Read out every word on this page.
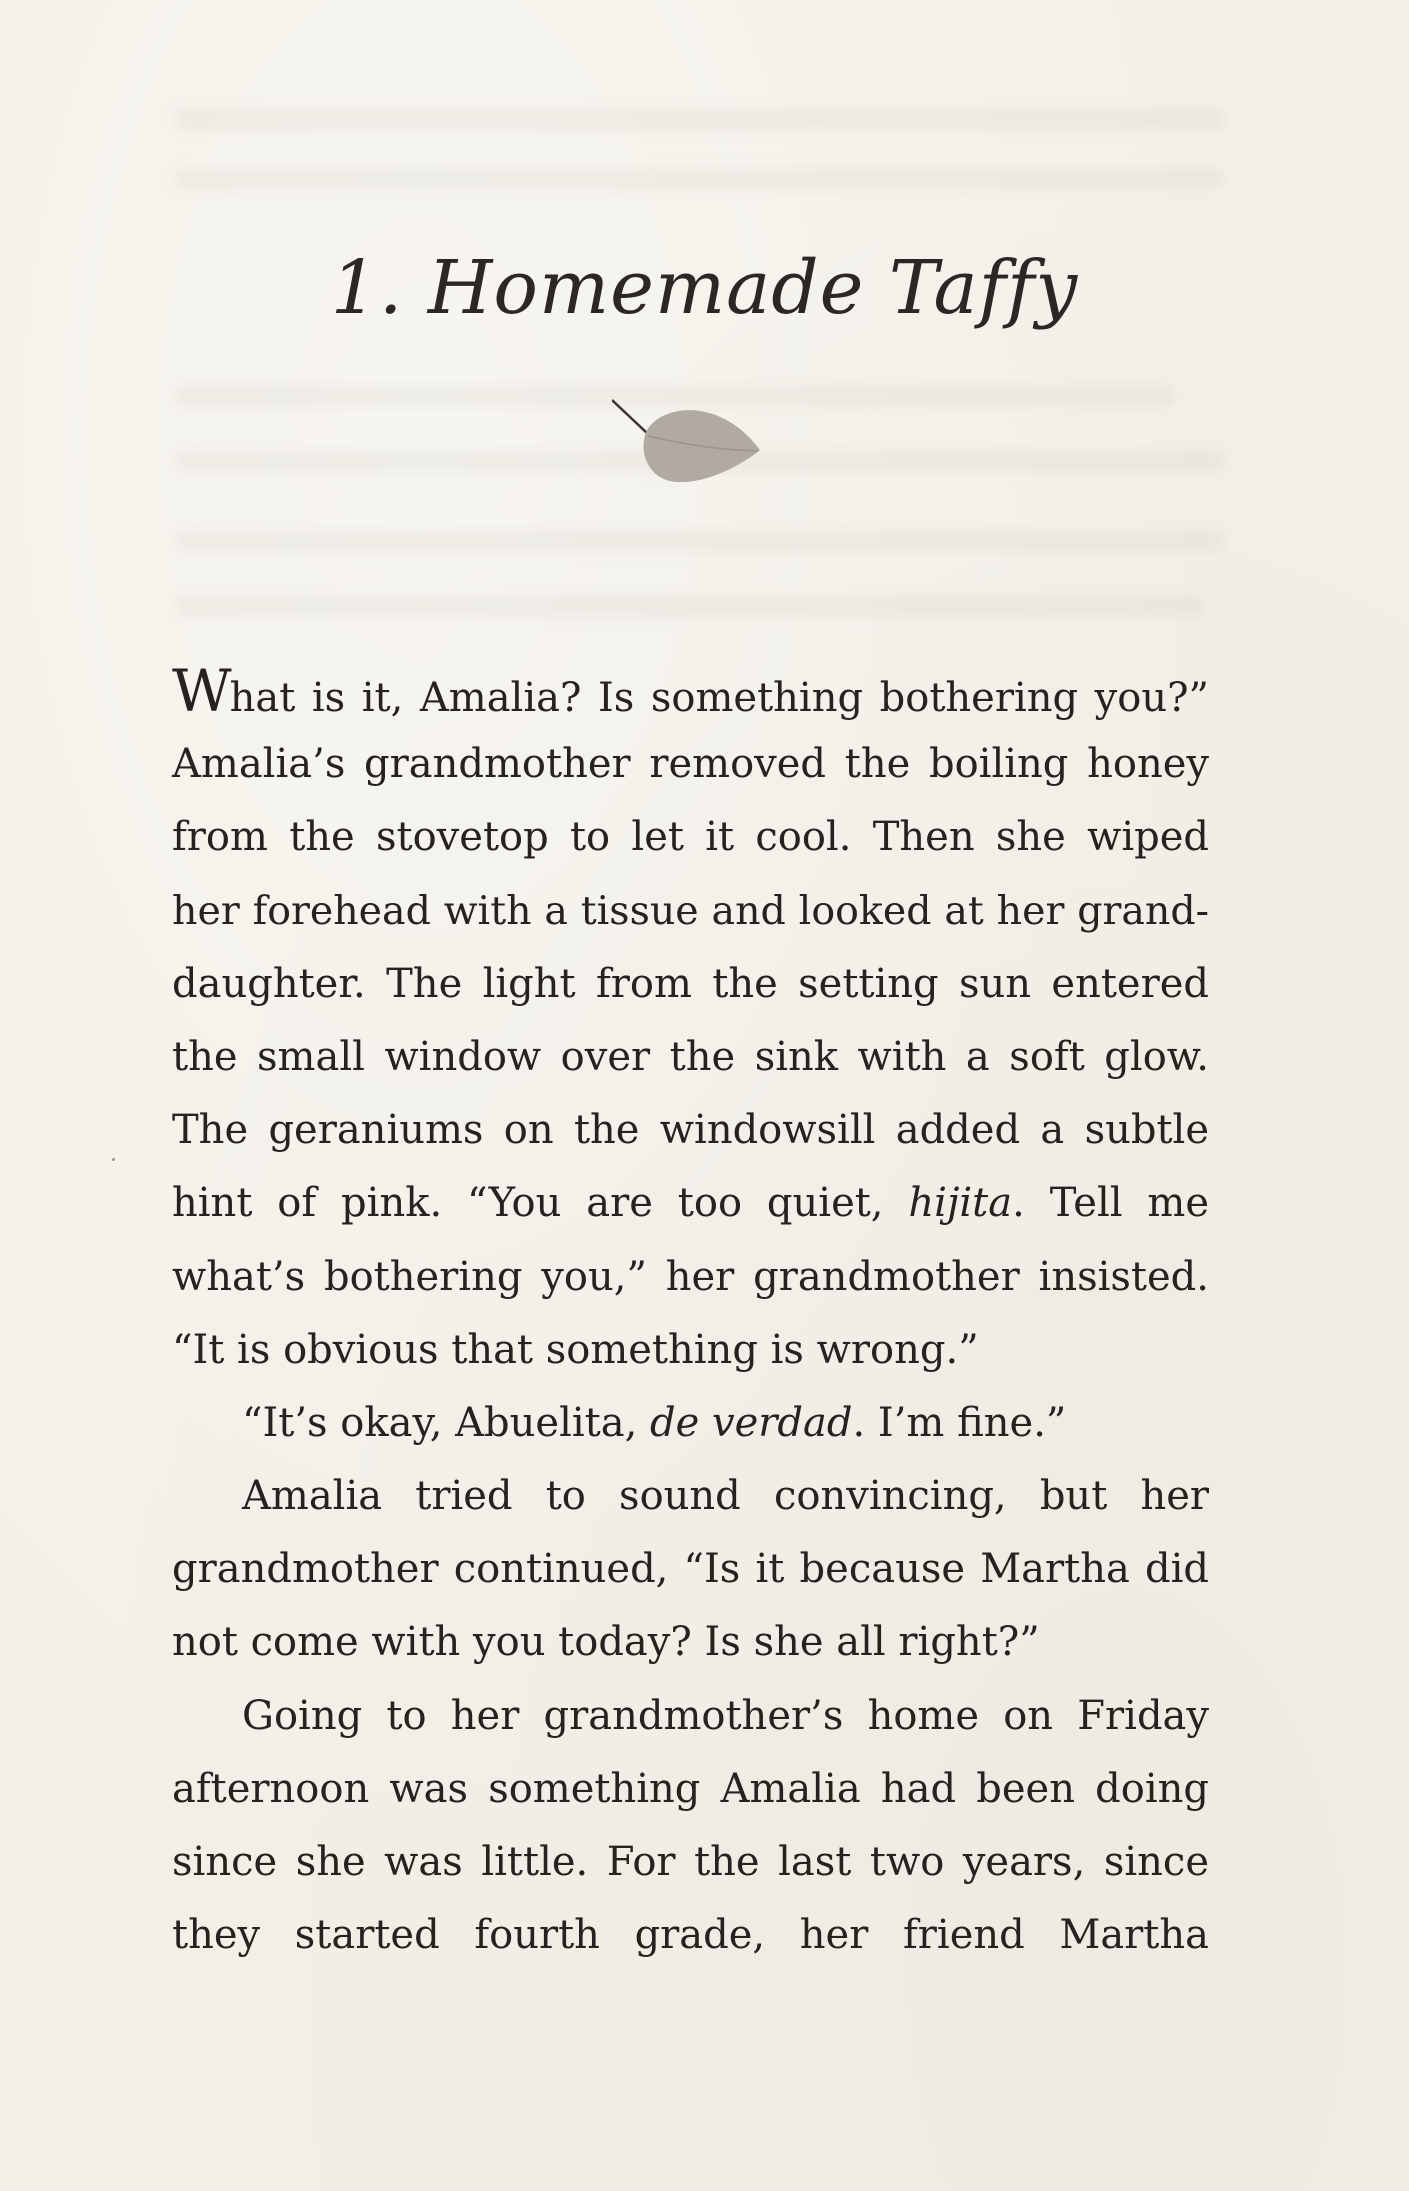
1. Homemade Taffy
What is it, Amalia? Is something bothering you?”
Amalia’s grandmother removed the boiling honey
from the stovetop to let it cool. Then she wiped
her forehead with a tissue and looked at her grand-
daughter. The light from the setting sun entered
the small window over the sink with a soft glow.
The geraniums on the windowsill added a subtle
hint of pink. “You are too quiet, hijita. Tell me
what’s bothering you,” her grandmother insisted.
“It is obvious that something is wrong.”
“It’s okay, Abuelita, de verdad. I’m fine.”
Amalia tried to sound convincing, but her
grandmother continued, “Is it because Martha did
not come with you today? Is she all right?”
Going to her grandmother’s home on Friday
afternoon was something Amalia had been doing
since she was little. For the last two years, since
they started fourth grade, her friend Martha
